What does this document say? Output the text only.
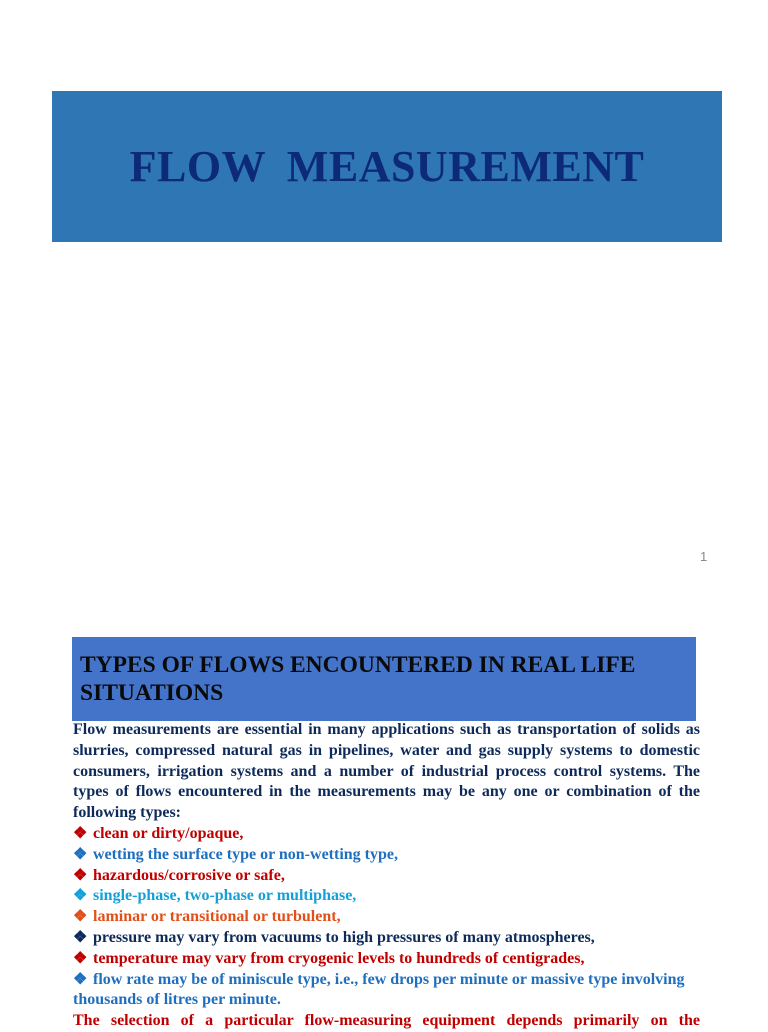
FLOW MEASUREMENT
1
TYPES OF FLOWS ENCOUNTERED IN REAL LIFE SITUATIONS

Flow measurements are essential in many applications such as transportation of solids as slurries, compressed natural gas in pipelines, water and gas supply systems to domestic consumers, irrigation systems and a number of industrial process control systems. The types of flows encountered in the measurements may be any one or combination of the following types:

❖ clean or dirty/opaque,
❖ wetting the surface type or non-wetting type,
❖ hazardous/corrosive or safe,
❖ single-phase, two-phase or multiphase,
❖ laminar or transitional or turbulent,
❖ pressure may vary from vacuums to high pressures of many atmospheres,
❖ temperature may vary from cryogenic levels to hundreds of centigrades,
❖ flow rate may be of miniscule type, i.e., few drops per minute or massive type involving thousands of litres per minute.

The selection of a particular flow-measuring equipment depends primarily on the
